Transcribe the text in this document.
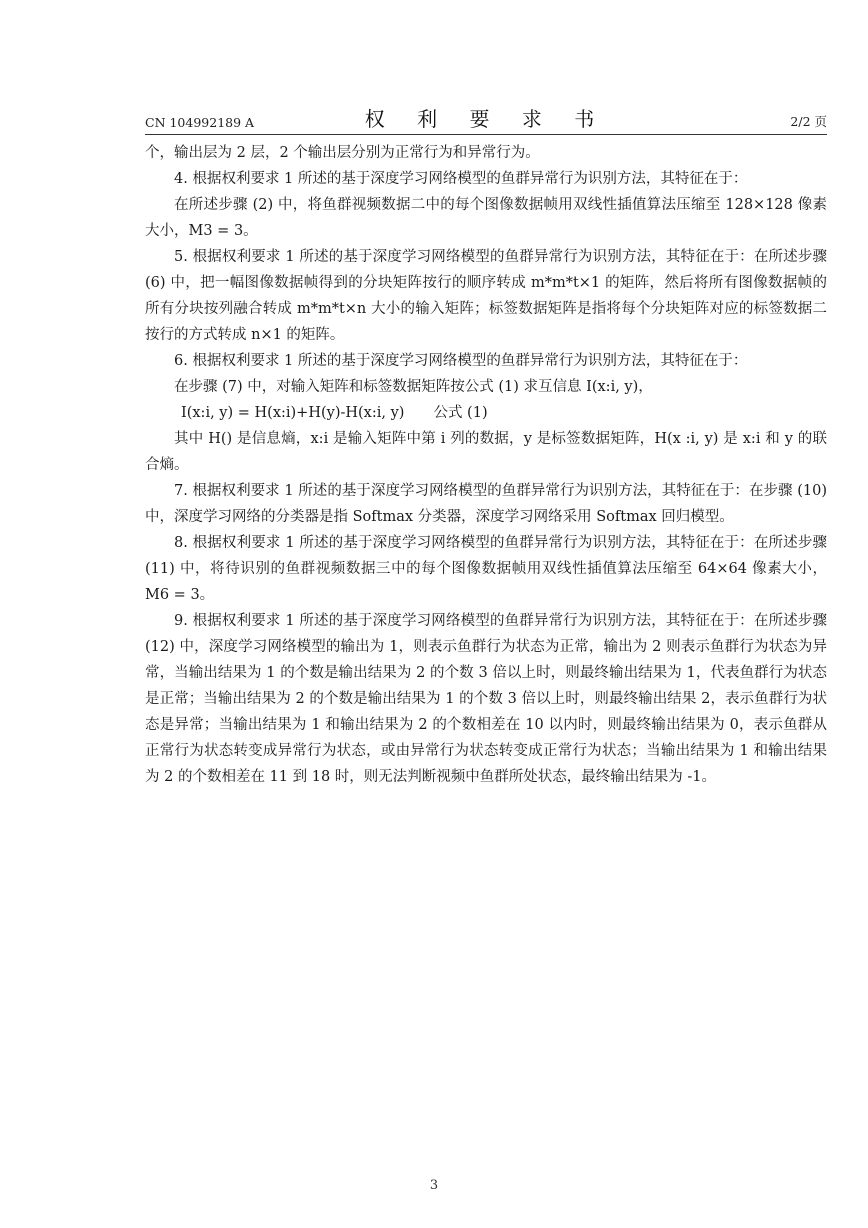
CN 104992189 A	权 利 要 求 书	2/2 页

个，输出层为 2 层，2 个输出层分别为正常行为和异常行为。

4. 根据权利要求 1 所述的基于深度学习网络模型的鱼群异常行为识别方法，其特征在于：

在所述步骤 (2) 中，将鱼群视频数据二中的每个图像数据帧用双线性插值算法压缩至 128×128 像素大小，M3 = 3。

5. 根据权利要求 1 所述的基于深度学习网络模型的鱼群异常行为识别方法，其特征在于：在所述步骤 (6) 中，把一幅图像数据帧得到的分块矩阵按行的顺序转成 m*m*t×1 的矩阵，然后将所有图像数据帧的所有分块按列融合转成 m*m*t×n 大小的输入矩阵；标签数据矩阵是指将每个分块矩阵对应的标签数据二按行的方式转成 n×1 的矩阵。

6. 根据权利要求 1 所述的基于深度学习网络模型的鱼群异常行为识别方法，其特征在于：

在步骤 (7) 中，对输入矩阵和标签数据矩阵按公式 (1) 求互信息 I(x:i, y)，

I(x:i, y) = H(x:i)+H(y)-H(x:i, y)　　公式 (1)

其中 H() 是信息熵，x:i 是输入矩阵中第 i 列的数据，y 是标签数据矩阵，H(x :i, y) 是 x:i 和 y 的联合熵。

7. 根据权利要求 1 所述的基于深度学习网络模型的鱼群异常行为识别方法，其特征在于：在步骤 (10) 中，深度学习网络的分类器是指 Softmax 分类器，深度学习网络采用 Softmax 回归模型。

8. 根据权利要求 1 所述的基于深度学习网络模型的鱼群异常行为识别方法，其特征在于：在所述步骤 (11) 中，将待识别的鱼群视频数据三中的每个图像数据帧用双线性插值算法压缩至 64×64 像素大小，M6 = 3。

9. 根据权利要求 1 所述的基于深度学习网络模型的鱼群异常行为识别方法，其特征在于：在所述步骤 (12) 中，深度学习网络模型的输出为 1，则表示鱼群行为状态为正常，输出为 2 则表示鱼群行为状态为异常，当输出结果为 1 的个数是输出结果为 2 的个数 3 倍以上时，则最终输出结果为 1，代表鱼群行为状态是正常；当输出结果为 2 的个数是输出结果为 1 的个数 3 倍以上时，则最终输出结果 2，表示鱼群行为状态是异常；当输出结果为 1 和输出结果为 2 的个数相差在 10 以内时，则最终输出结果为 0，表示鱼群从正常行为状态转变成异常行为状态，或由异常行为状态转变成正常行为状态；当输出结果为 1 和输出结果为 2 的个数相差在 11 到 18 时，则无法判断视频中鱼群所处状态，最终输出结果为 -1。

3
